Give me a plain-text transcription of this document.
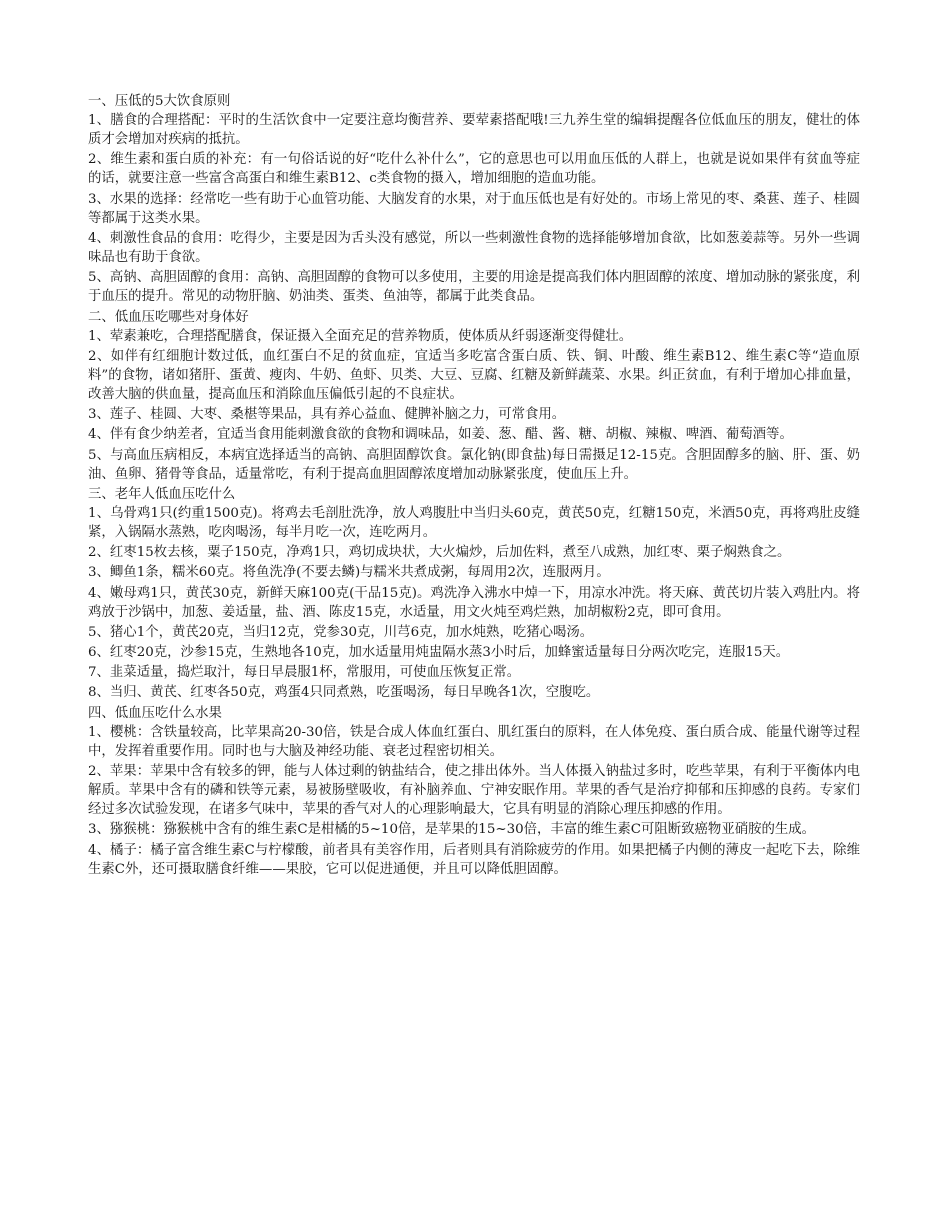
一、压低的5大饮食原则

1、膳食的合理搭配：平时的生活饮食中一定要注意均衡营养、要荤素搭配哦!三九养生堂的编辑提醒各位低血压的朋友，健壮的体质才会增加对疾病的抵抗。

2、维生素和蛋白质的补充：有一句俗话说的好“吃什么补什么”，它的意思也可以用血压低的人群上，也就是说如果伴有贫血等症的话，就要注意一些富含高蛋白和维生素B12、c类食物的摄入，增加细胞的造血功能。

3、水果的选择：经常吃一些有助于心血管功能、大脑发育的水果，对于血压低也是有好处的。市场上常见的枣、桑葚、莲子、桂圆等都属于这类水果。

4、刺激性食品的食用：吃得少，主要是因为舌头没有感觉，所以一些刺激性食物的选择能够增加食欲，比如葱姜蒜等。另外一些调味品也有助于食欲。

5、高钠、高胆固醇的食用：高钠、高胆固醇的食物可以多使用，主要的用途是提高我们体内胆固醇的浓度、增加动脉的紧张度，利于血压的提升。常见的动物肝脑、奶油类、蛋类、鱼油等，都属于此类食品。

二、低血压吃哪些对身体好

1、荤素兼吃，合理搭配膳食，保证摄入全面充足的营养物质，使体质从纤弱逐渐变得健壮。

2、如伴有红细胞计数过低，血红蛋白不足的贫血症，宜适当多吃富含蛋白质、铁、铜、叶酸、维生素B12、维生素C等“造血原料”的食物，诸如猪肝、蛋黄、瘦肉、牛奶、鱼虾、贝类、大豆、豆腐、红糖及新鲜蔬菜、水果。纠正贫血，有利于增加心排血量，改善大脑的供血量，提高血压和消除血压偏低引起的不良症状。

3、莲子、桂圆、大枣、桑椹等果品，具有养心益血、健脾补脑之力，可常食用。

4、伴有食少纳差者，宜适当食用能刺激食欲的食物和调味品，如姜、葱、醋、酱、糖、胡椒、辣椒、啤酒、葡萄酒等。

5、与高血压病相反，本病宜选择适当的高钠、高胆固醇饮食。氯化钠(即食盐)每日需摄足12-15克。含胆固醇多的脑、肝、蛋、奶油、鱼卵、猪骨等食品，适量常吃，有利于提高血胆固醇浓度增加动脉紧张度，使血压上升。

三、老年人低血压吃什么

1、乌骨鸡1只(约重1500克)。将鸡去毛剖肚洗净，放人鸡腹肚中当归头60克，黄芪50克，红糖150克，米酒50克，再将鸡肚皮缝紧，入锅隔水蒸熟，吃肉喝汤，每半月吃一次，连吃两月。

2、红枣15枚去核，粟子150克，净鸡1只，鸡切成块状，大火煸炒，后加佐料，煮至八成熟，加红枣、栗子焖熟食之。

3、鲫鱼1条，糯米60克。将鱼洗净(不要去鳞)与糯米共煮成粥，每周用2次，连服两月。

4、嫩母鸡1只，黄芪30克，新鲜天麻100克(干品15克)。鸡洗净入沸水中焯一下，用凉水冲洗。将天麻、黄芪切片装入鸡肚内。将鸡放于沙锅中，加葱、姜适量，盐、酒、陈皮15克，水适量，用文火炖至鸡烂熟，加胡椒粉2克，即可食用。

5、猪心1个，黄芪20克，当归12克，党参30克，川芎6克，加水炖熟，吃猪心喝汤。

6、红枣20克，沙参15克，生熟地各10克，加水适量用炖盅隔水蒸3小时后，加蜂蜜适量每日分两次吃完，连服15天。

7、韭菜适量，捣烂取汁，每日早晨服1杯，常服用，可使血压恢复正常。

8、当归、黄芪、红枣各50克，鸡蛋4只同煮熟，吃蛋喝汤，每日早晚各1次，空腹吃。

四、低血压吃什么水果

1、樱桃：含铁量较高，比苹果高20-30倍，铁是合成人体血红蛋白、肌红蛋白的原料，在人体免疫、蛋白质合成、能量代谢等过程中，发挥着重要作用。同时也与大脑及神经功能、衰老过程密切相关。

2、苹果：苹果中含有较多的钾，能与人体过剩的钠盐结合，使之排出体外。当人体摄入钠盐过多时，吃些苹果，有利于平衡体内电解质。苹果中含有的磷和铁等元素，易被肠壁吸收，有补脑养血、宁神安眠作用。苹果的香气是治疗抑郁和压抑感的良药。专家们经过多次试验发现，在诸多气味中，苹果的香气对人的心理影响最大，它具有明显的消除心理压抑感的作用。

3、猕猴桃：猕猴桃中含有的维生素C是柑橘的5~10倍，是苹果的15~30倍，丰富的维生素C可阻断致癌物亚硝胺的生成。

4、橘子：橘子富含维生素C与柠檬酸，前者具有美容作用，后者则具有消除疲劳的作用。如果把橘子内侧的薄皮一起吃下去，除维生素C外，还可摄取膳食纤维——果胶，它可以促进通便，并且可以降低胆固醇。
